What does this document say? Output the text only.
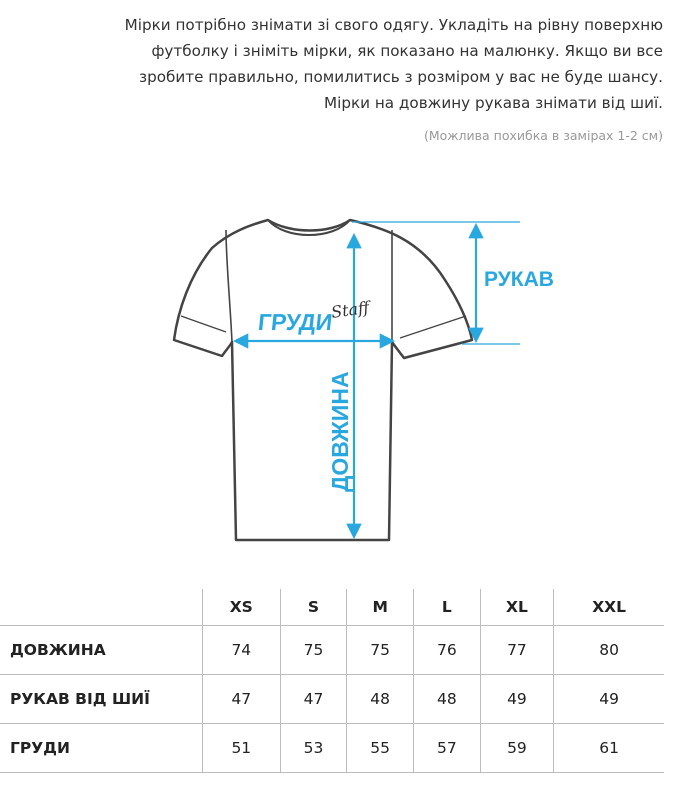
Мірки потрібно знімати зі свого одягу. Укладіть на рівну поверхню

футболку і зніміть мірки, як показано на малюнку. Якщо ви все

зробите правильно, помилитись з розміром у вас не буде шансу.

Мірки на довжину рукава знімати від шиї.

(Можлива похибка в замірах 1-2 см)
ГРУДИ
РУКАВ
ДОВЖИНА
Staff
	XS	S	M	L	XL	XXL
ДОВЖИНА	74	75	75	76	77	80
РУКАВ ВІД ШИЇ	47	47	48	48	49	49
ГРУДИ	51	53	55	57	59	61
